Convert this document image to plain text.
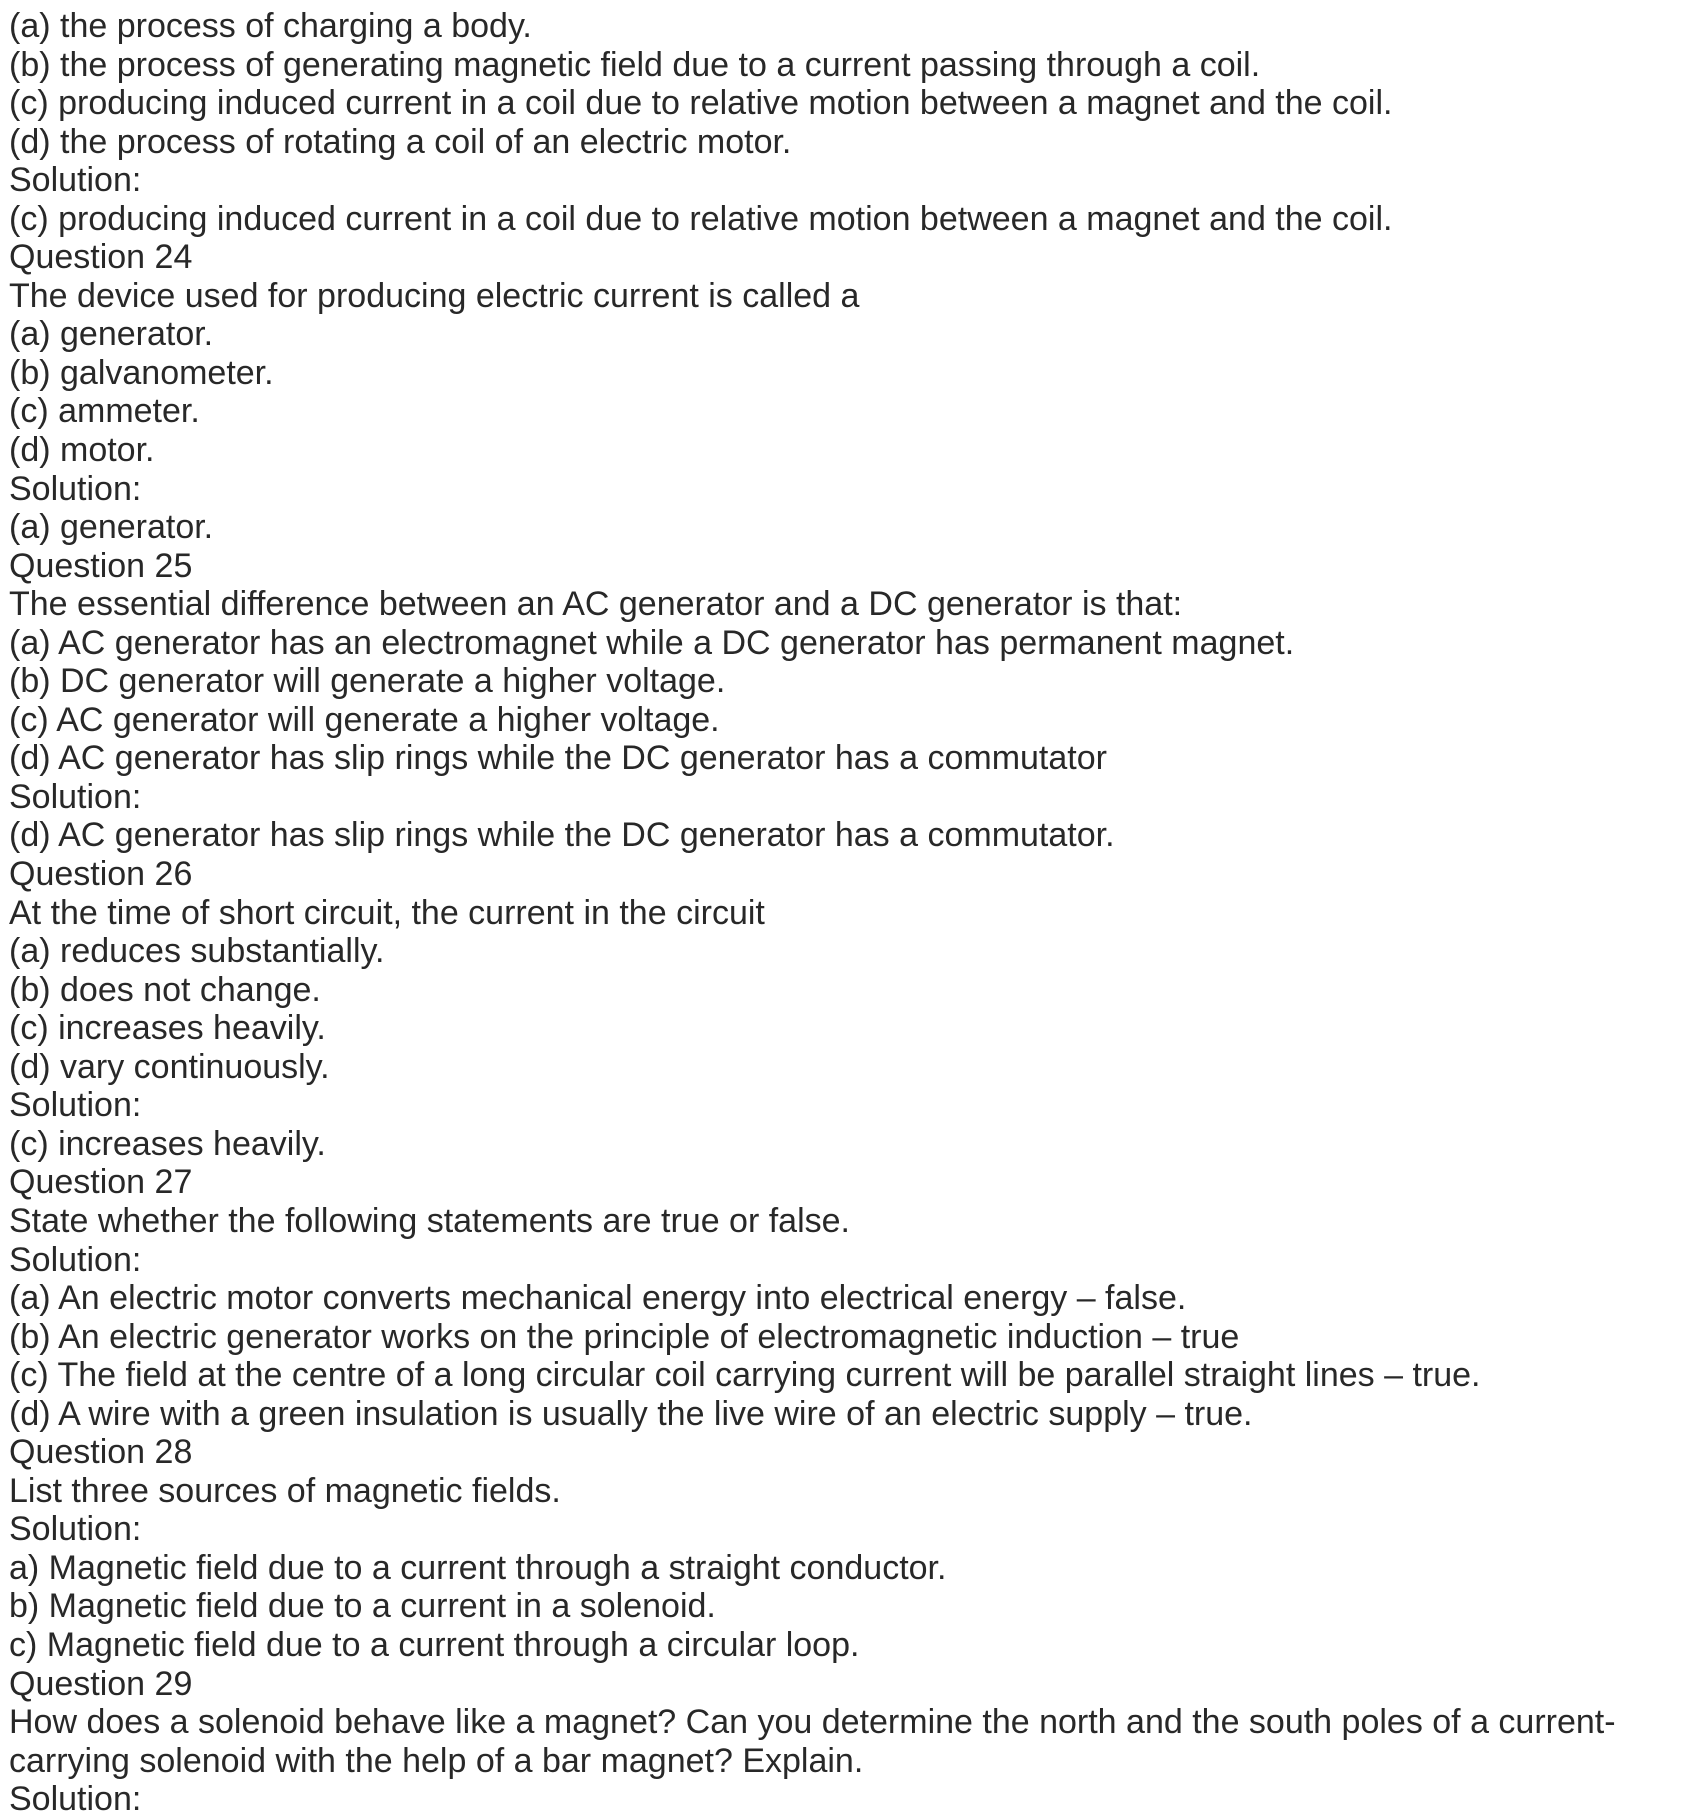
(a) the process of charging a body.
(b) the process of generating magnetic field due to a current passing through a coil.
(c) producing induced current in a coil due to relative motion between a magnet and the coil.
(d) the process of rotating a coil of an electric motor.
Solution:
(c) producing induced current in a coil due to relative motion between a magnet and the coil.
Question 24
The device used for producing electric current is called a
(a) generator.
(b) galvanometer.
(c) ammeter.
(d) motor.
Solution:
(a) generator.
Question 25
The essential difference between an AC generator and a DC generator is that:
(a) AC generator has an electromagnet while a DC generator has permanent magnet.
(b) DC generator will generate a higher voltage.
(c) AC generator will generate a higher voltage.
(d) AC generator has slip rings while the DC generator has a commutator
Solution:
(d) AC generator has slip rings while the DC generator has a commutator.
Question 26
At the time of short circuit, the current in the circuit
(a) reduces substantially.
(b) does not change.
(c) increases heavily.
(d) vary continuously.
Solution:
(c) increases heavily.
Question 27
State whether the following statements are true or false.
Solution:
(a) An electric motor converts mechanical energy into electrical energy – false.
(b) An electric generator works on the principle of electromagnetic induction – true
(c) The field at the centre of a long circular coil carrying current will be parallel straight lines – true.
(d) A wire with a green insulation is usually the live wire of an electric supply – true.
Question 28
List three sources of magnetic fields.
Solution:
a) Magnetic field due to a current through a straight conductor.
b) Magnetic field due to a current in a solenoid.
c) Magnetic field due to a current through a circular loop.
Question 29
How does a solenoid behave like a magnet? Can you determine the north and the south poles of a current-
carrying solenoid with the help of a bar magnet? Explain.
Solution:
